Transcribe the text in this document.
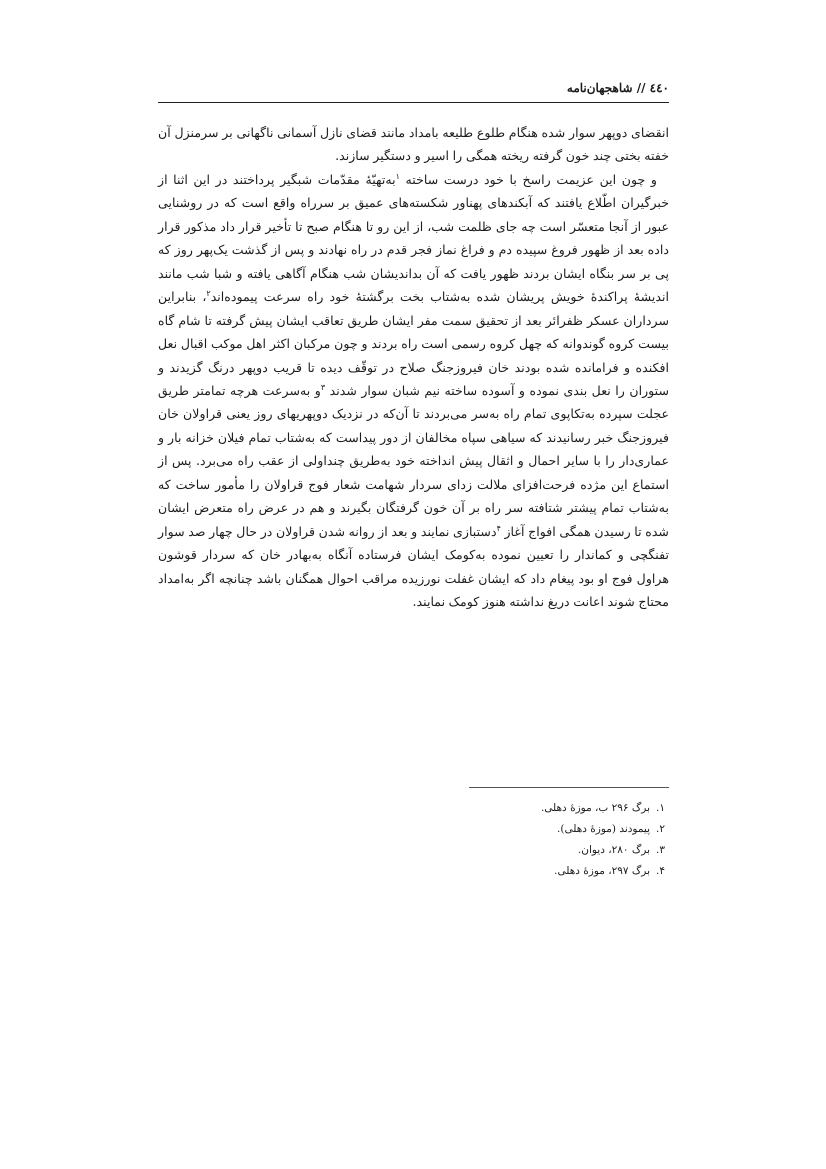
٤٤٠ // شاهجهان‌نامه

انقضای دوپهر سوار شده هنگام طلوع طلیعه بامداد مانند قضای نازل آسمانی ناگهانی بر سرمنزل آن خفته بختی چند خون گرفته ریخته همگی را اسیر و دستگیر سازند.

و چون این عزیمت راسخ با خود درست ساخته $^۱$به‌تهیّهٔ مقدّمات شبگیر پرداختند در این اثنا از خبرگیران اطّلاع یافتند که آبکندهای پهناور شکسته‌های عمیق بر سرراه واقع است که در روشنایی عبور از آنجا متعسّر است چه جای ظلمت شب، از این رو تا هنگام صبح تا تأخیر قرار داد مذکور قرار داده بعد از ظهور فروغ سپیده دم و فراغ نماز فجر قدم در راه نهادند و پس از گذشت یک‌پهر روز که پی بر سر بنگاه ایشان بردند ظهور یافت که آن بداندیشان شب هنگام آگاهی یافته و شبا شب مانند اندیشهٔ پراکندهٔ خویش پریشان شده به‌شتاب بخت برگشتهٔ خود راه سرعت پیموده‌اند$^۲$، بنابراین سرداران عسکر ظفرائر بعد از تحقیق سمت مفر ایشان طریق تعاقب ایشان پیش گرفته تا شام گاه بیست کروه گوندوانه که چهل کروه رسمی است راه بردند و چون مرکبان اکثر اهل موکب اقبال نعل افکنده و فرامانده شده بودند خان فیروزجنگ صلاح در توقّف دیده تا قریب دوپهر درنگ گزیدند و ستوران را نعل بندی نموده و آسوده ساخته نیم شبان سوار شدند $^۳$و به‌سرعت هرچه تمامتر طریق عجلت سپرده به‌تکاپوی تمام راه به‌سر می‌بردند تا آن‌که در نزدیک دوپهریهای روز یعنی قراولان خان فیروزجنگ خبر رسانیدند که سیاهی سپاه مخالفان از دور پیداست که به‌شتاب تمام فیلان خزانه بار و عماری‌دار را با سایر احمال و اثقال پیش انداخته خود به‌طریق چنداولی از عقب راه می‌برد. پس از استماع این مژده فرحت‌افزای ملالت زدای سردار شهامت شعار فوج قراولان را مأمور ساخت که به‌شتاب تمام پیشتر شتافته سر راه بر آن خون گرفتگان بگیرند و هم در عرض راه متعرض ایشان شده تا رسیدن همگی افواج آغاز $^۴$دستبازی نمایند و بعد از روانه شدن قراولان در حال چهار صد سوار تفنگچی و کماندار را تعیین نموده به‌کومک ایشان فرستاده آنگاه به‌بهادر خان که سردار قوشون هراول فوج او بود پیغام داد که ایشان غفلت نورزیده مراقب احوال همگنان باشد چنانچه اگر به‌امداد محتاج شوند اعانت دریغ نداشته هنوز کومک نمایند.

۱.برگ ۲۹۶ ب، موزهٔ دهلی.
۲.پیمودند (موزهٔ دهلی).
۳.برگ ۲۸۰، دیوان.
۴.برگ ۲۹۷، موزهٔ دهلی.
